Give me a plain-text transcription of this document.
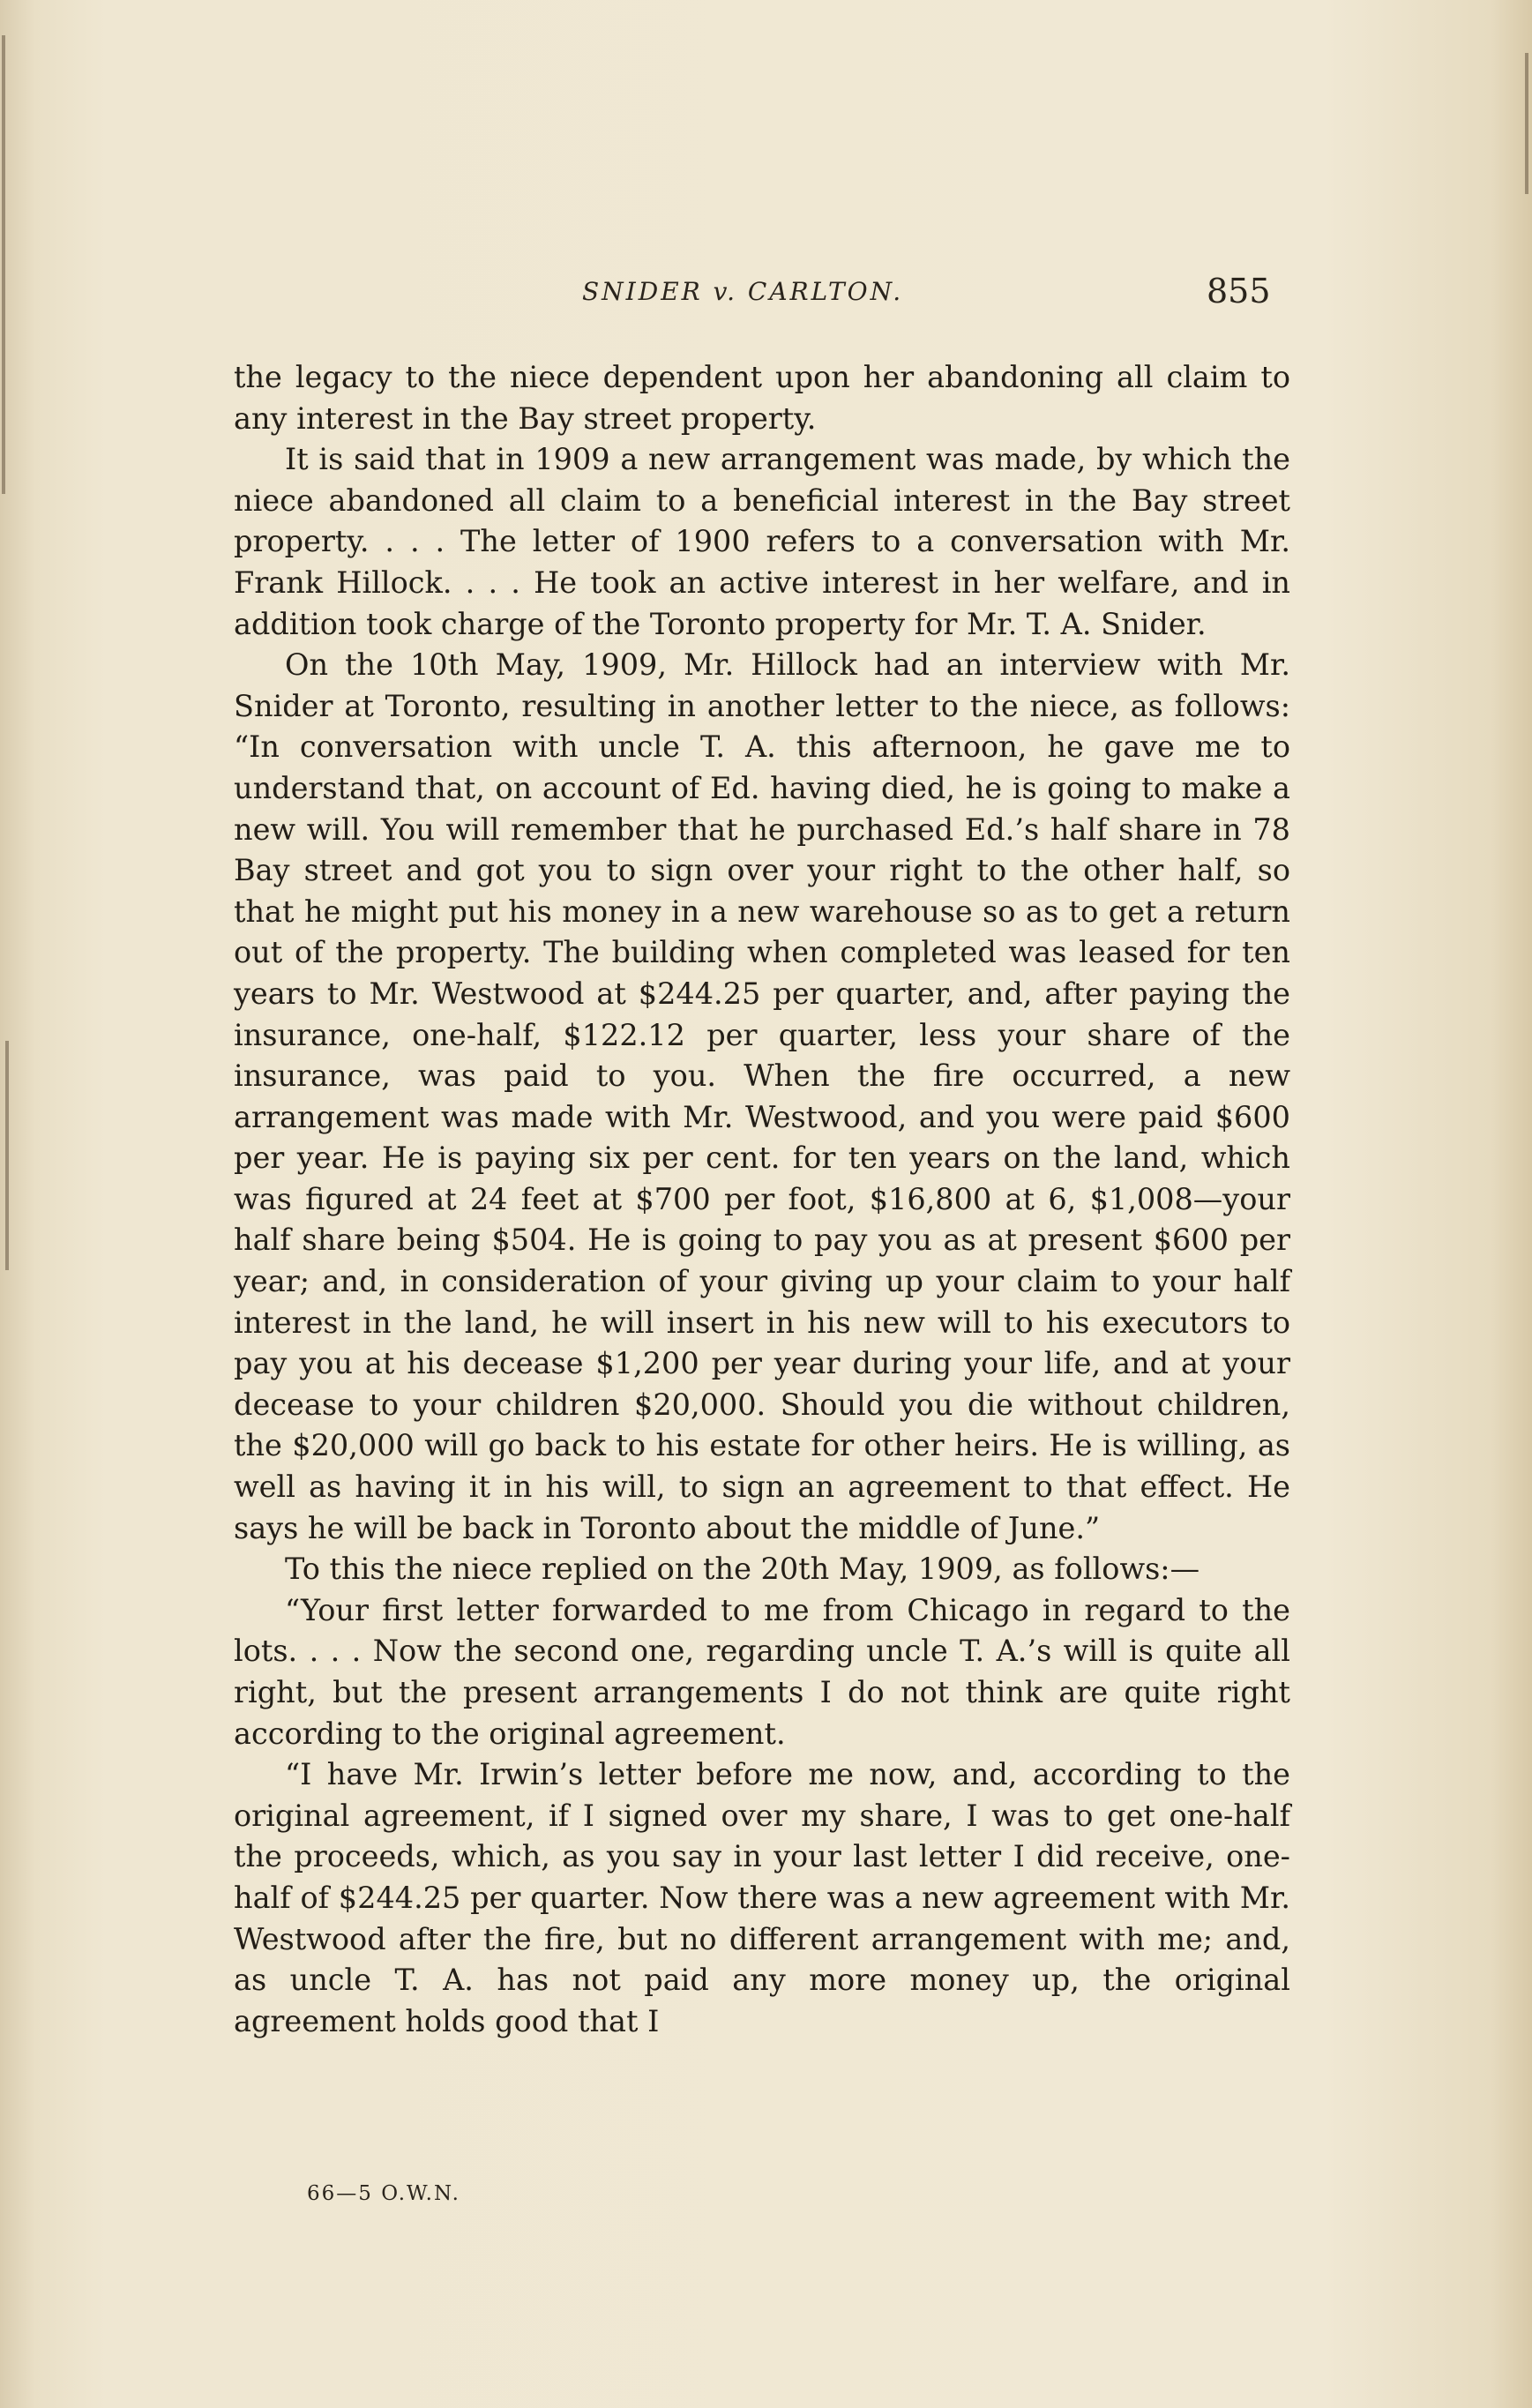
SNIDER v. CARLTON.	855

the legacy to the niece dependent upon her abandoning all claim to any interest in the Bay street property.

It is said that in 1909 a new arrangement was made, by which the niece abandoned all claim to a beneficial interest in the Bay street property. . . . The letter of 1900 refers to a conversation with Mr. Frank Hillock. . . . He took an active interest in her welfare, and in addition took charge of the Toronto property for Mr. T. A. Snider.

On the 10th May, 1909, Mr. Hillock had an interview with Mr. Snider at Toronto, resulting in another letter to the niece, as follows: “In conversation with uncle T. A. this afternoon, he gave me to understand that, on account of Ed. having died, he is going to make a new will. You will remember that he purchased Ed.’s half share in 78 Bay street and got you to sign over your right to the other half, so that he might put his money in a new warehouse so as to get a return out of the property. The building when completed was leased for ten years to Mr. Westwood at $244.25 per quarter, and, after paying the insurance, one-half, $122.12 per quarter, less your share of the insurance, was paid to you. When the fire occurred, a new arrangement was made with Mr. Westwood, and you were paid $600 per year. He is paying six per cent. for ten years on the land, which was figured at 24 feet at $700 per foot, $16,800 at 6, $1,008—your half share being $504. He is going to pay you as at present $600 per year; and, in consideration of your giving up your claim to your half interest in the land, he will insert in his new will to his executors to pay you at his decease $1,200 per year during your life, and at your decease to your children $20,000. Should you die without children, the $20,000 will go back to his estate for other heirs. He is willing, as well as having it in his will, to sign an agreement to that effect. He says he will be back in Toronto about the middle of June.”

To this the niece replied on the 20th May, 1909, as follows:—

“Your first letter forwarded to me from Chicago in regard to the lots. . . . Now the second one, regarding uncle T. A.’s will is quite all right, but the present arrangements I do not think are quite right according to the original agreement.

“I have Mr. Irwin’s letter before me now, and, according to the original agreement, if I signed over my share, I was to get one-half the proceeds, which, as you say in your last letter I did receive, one-half of $244.25 per quarter. Now there was a new agreement with Mr. Westwood after the fire, but no different arrangement with me; and, as uncle T. A. has not paid any more money up, the original agreement holds good that I

66—5 O.W.N.
